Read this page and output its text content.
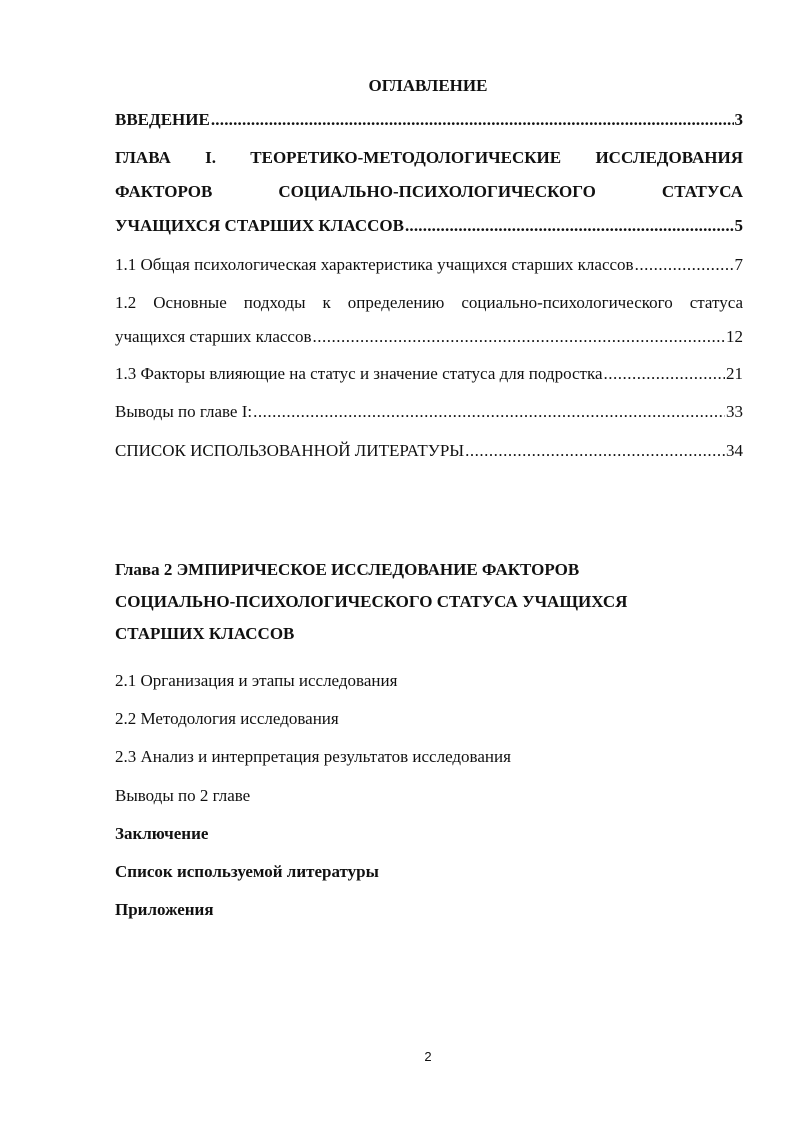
ОГЛАВЛЕНИЕ
ВВЕДЕНИЕ .....	3
ГЛАВА I. ТЕОРЕТИКО-МЕТОДОЛОГИЧЕСКИЕ ИССЛЕДОВАНИЯ
ФАКТОРОВ СОЦИАЛЬНО-ПСИХОЛОГИЧЕСКОГО СТАТУСА
УЧАЩИХСЯ СТАРШИХ КЛАССОВ .....	5
1.1 Общая психологическая характеристика учащихся старших классов .....	7
1.2 Основные подходы к определению социально-психологического статуса
учащихся старших классов .....	12
1.3 Факторы влияющие на статус и значение статуса для подростка .....	21
Выводы по главе I: .....	33
СПИСОК ИСПОЛЬЗОВАННОЙ ЛИТЕРАТУРЫ .....	34
Глава 2 ЭМПИРИЧЕСКОЕ ИССЛЕДОВАНИЕ ФАКТОРОВ
СОЦИАЛЬНО-ПСИХОЛОГИЧЕСКОГО СТАТУСА УЧАЩИХСЯ
СТАРШИХ КЛАССОВ
2.1 Организация и этапы исследования
2.2 Методология исследования
2.3 Анализ и интерпретация результатов исследования
Выводы по 2 главе
Заключение
Список используемой литературы
Приложения
2
